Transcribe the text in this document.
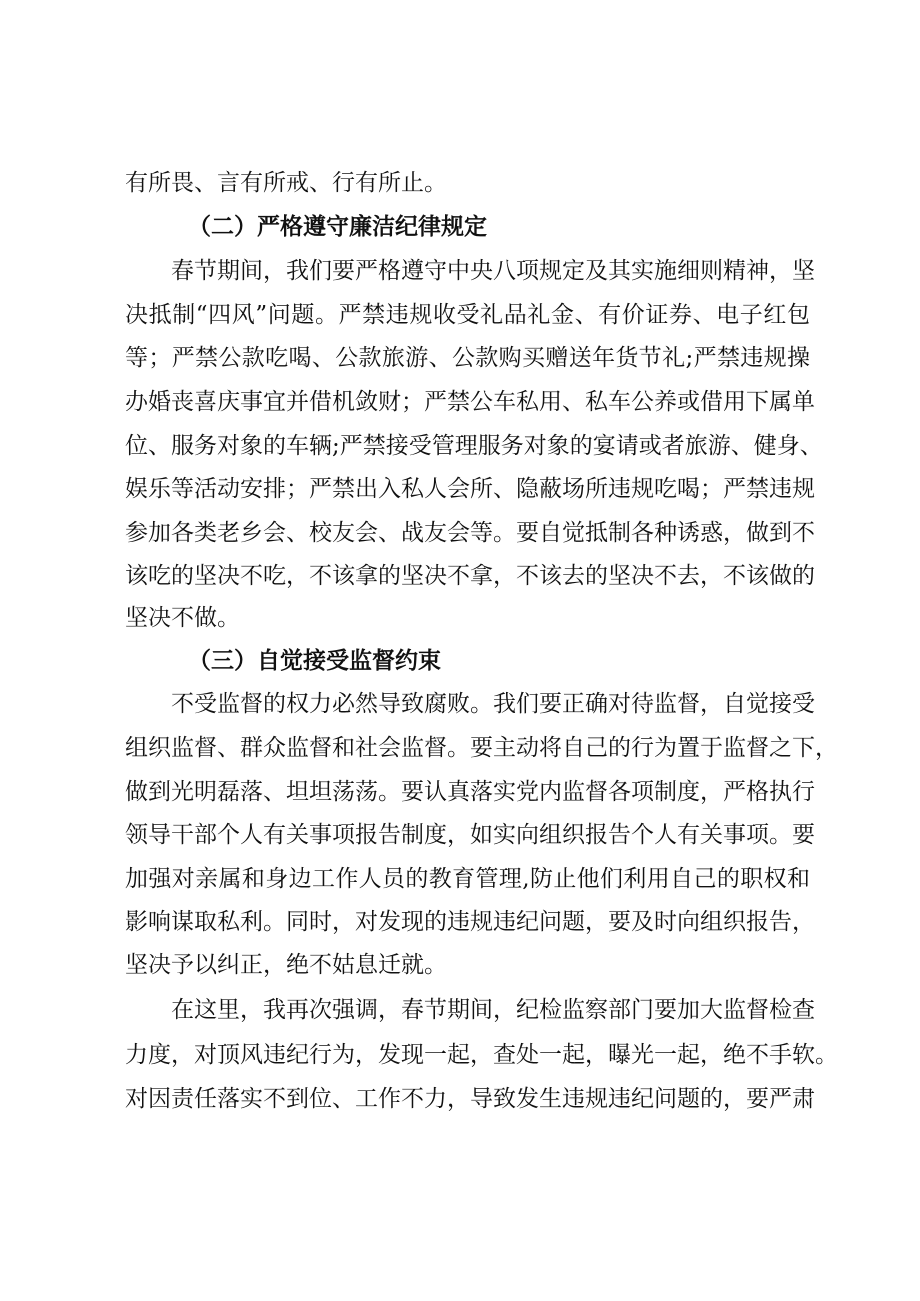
有所畏、言有所戒、行有所止。
（二）严格遵守廉洁纪律规定
春节期间，我们要严格遵守中央八项规定及其实施细则精神，坚
决抵制“四风”问题。严禁违规收受礼品礼金、有价证券、电子红包
等；严禁公款吃喝、公款旅游、公款购买赠送年货节礼;严禁违规操
办婚丧喜庆事宜并借机敛财；严禁公车私用、私车公养或借用下属单
位、服务对象的车辆;严禁接受管理服务对象的宴请或者旅游、健身、
娱乐等活动安排；严禁出入私人会所、隐蔽场所违规吃喝；严禁违规
参加各类老乡会、校友会、战友会等。要自觉抵制各种诱惑，做到不
该吃的坚决不吃，不该拿的坚决不拿，不该去的坚决不去，不该做的
坚决不做。
（三）自觉接受监督约束
不受监督的权力必然导致腐败。我们要正确对待监督，自觉接受
组织监督、群众监督和社会监督。要主动将自己的行为置于监督之下，
做到光明磊落、坦坦荡荡。要认真落实党内监督各项制度，严格执行
领导干部个人有关事项报告制度，如实向组织报告个人有关事项。要
加强对亲属和身边工作人员的教育管理,防止他们利用自己的职权和
影响谋取私利。同时，对发现的违规违纪问题，要及时向组织报告，
坚决予以纠正，绝不姑息迁就。
在这里，我再次强调，春节期间，纪检监察部门要加大监督检查
力度，对顶风违纪行为，发现一起，查处一起，曝光一起，绝不手软。
对因责任落实不到位、工作不力，导致发生违规违纪问题的，要严肃
